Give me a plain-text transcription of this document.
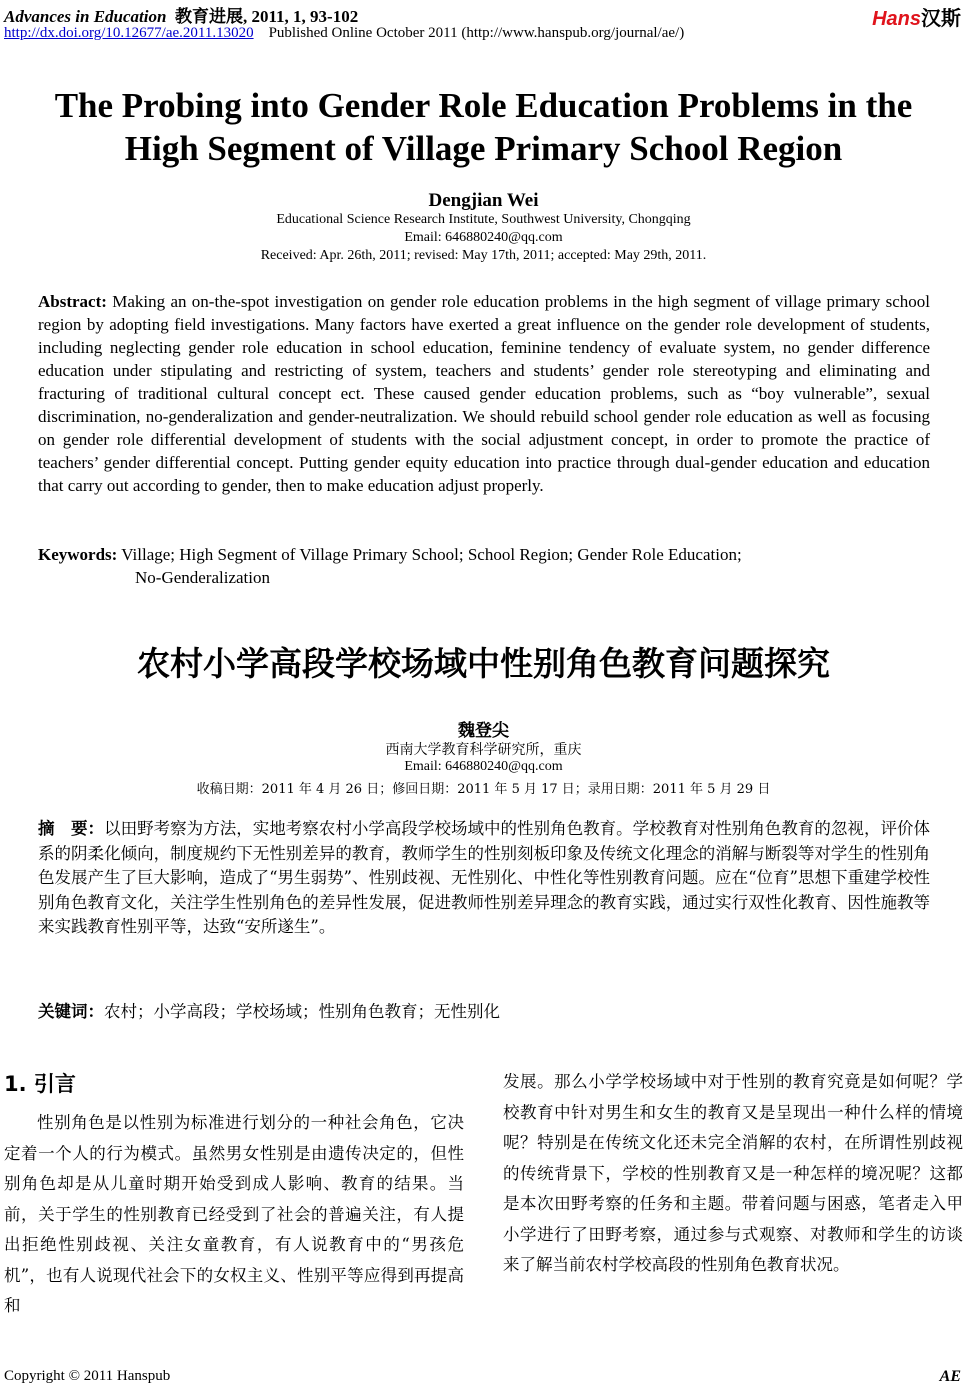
Advances in Education 教育进展, 2011, 1, 93-102
http://dx.doi.org/10.12677/ae.2011.13020 Published Online October 2011 (http://www.hanspub.org/journal/ae/)
Hans汉斯
The Probing into Gender Role Education Problems in the
High Segment of Village Primary School Region
Dengjian Wei
Educational Science Research Institute, Southwest University, Chongqing
Email: 646880240@qq.com
Received: Apr. 26th, 2011; revised: May 17th, 2011; accepted: May 29th, 2011.
Abstract: Making an on-the-spot investigation on gender role education problems in the high segment of village primary school region by adopting field investigations. Many factors have exerted a great influence on the gender role development of students, including neglecting gender role education in school education, feminine tendency of evaluate system, no gender difference education under stipulating and restricting of system, teachers and students’ gender role stereotyping and eliminating and fracturing of traditional cultural concept ect. These caused gender education problems, such as “boy vulnerable”, sexual discrimination, no-genderalization and gender-neutralization. We should rebuild school gender role education as well as focusing on gender role differential development of students with the social adjustment concept, in order to promote the practice of teachers’ gender differential concept. Putting gender equity education into practice through dual-gender education and education that carry out according to gender, then to make education adjust properly.
Keywords: Village; High Segment of Village Primary School; School Region; Gender Role Education;
No-Genderalization
农村小学高段学校场域中性别角色教育问题探究
魏登尖
西南大学教育科学研究所，重庆
Email: 646880240@qq.com
收稿日期：2011 年 4 月 26 日；修回日期：2011 年 5 月 17 日；录用日期：2011 年 5 月 29 日
摘　要：以田野考察为方法，实地考察农村小学高段学校场域中的性别角色教育。学校教育对性别角色教育的忽视，评价体系的阴柔化倾向，制度规约下无性别差异的教育，教师学生的性别刻板印象及传统文化理念的消解与断裂等对学生的性别角色发展产生了巨大影响，造成了“男生弱势”、性别歧视、无性别化、中性化等性别教育问题。应在“位育”思想下重建学校性别角色教育文化，关注学生性别角色的差异性发展，促进教师性别差异理念的教育实践，通过实行双性化教育、因性施教等来实践教育性别平等，达致“安所遂生”。
关键词：农村；小学高段；学校场域；性别角色教育；无性别化
1. 引言
性别角色是以性别为标准进行划分的一种社会角色，它决定着一个人的行为模式。虽然男女性别是由遗传决定的，但性别角色却是从儿童时期开始受到成人影响、教育的结果。当前，关于学生的性别教育已经受到了社会的普遍关注，有人提出拒绝性别歧视、关注女童教育，有人说教育中的“男孩危机”，也有人说现代社会下的女权主义、性别平等应得到再提高和
发展。那么小学学校场域中对于性别的教育究竟是如何呢？学校教育中针对男生和女生的教育又是呈现出一种什么样的情境呢？特别是在传统文化还未完全消解的农村，在所谓性别歧视的传统背景下，学校的性别教育又是一种怎样的境况呢？这都是本次田野考察的任务和主题。带着问题与困惑，笔者走入甲小学进行了田野考察，通过参与式观察、对教师和学生的访谈来了解当前农村学校高段的性别角色教育状况。
Copyright © 2011 Hanspub	AE
